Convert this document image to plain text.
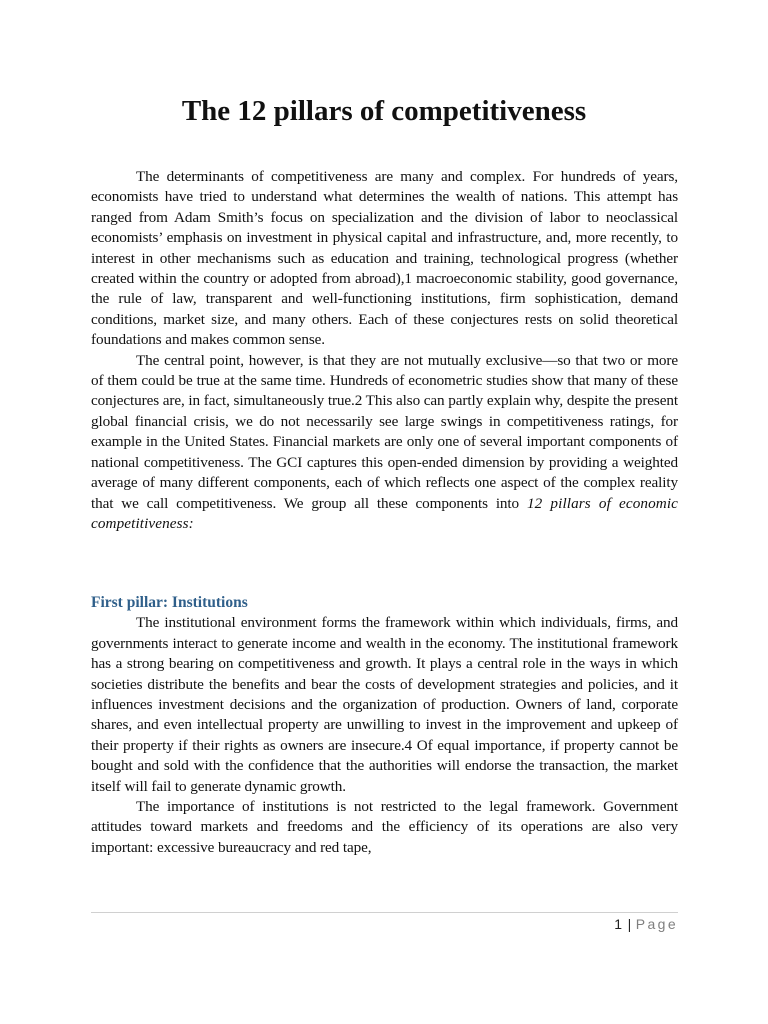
The 12 pillars of competitiveness

The determinants of competitiveness are many and complex. For hundreds of years, economists have tried to understand what determines the wealth of nations. This attempt has ranged from Adam Smith’s focus on specialization and the division of labor to neoclassical economists’ emphasis on investment in physical capital and infrastructure, and, more recently, to interest in other mechanisms such as education and training, technological progress (whether created within the country or adopted from abroad),1 macroeconomic stability, good governance, the rule of law, transparent and well-functioning institutions, firm sophistication, demand conditions, market size, and many others. Each of these conjectures rests on solid theoretical foundations and makes common sense.

The central point, however, is that they are not mutually exclusive—so that two or more of them could be true at the same time. Hundreds of econometric studies show that many of these conjectures are, in fact, simultaneously true.2 This also can partly explain why, despite the present global financial crisis, we do not necessarily see large swings in competitiveness ratings, for example in the United States. Financial markets are only one of several important components of national competitiveness. The GCI captures this open-ended dimension by providing a weighted average of many different components, each of which reflects one aspect of the complex reality that we call competitiveness. We group all these components into 12 pillars of economic competitiveness:

First pillar: Institutions

The institutional environment forms the framework within which individuals, firms, and governments interact to generate income and wealth in the economy. The institutional framework has a strong bearing on competitiveness and growth. It plays a central role in the ways in which societies distribute the benefits and bear the costs of development strategies and policies, and it influences investment decisions and the organization of production. Owners of land, corporate shares, and even intellectual property are unwilling to invest in the improvement and upkeep of their property if their rights as owners are insecure.4 Of equal importance, if property cannot be bought and sold with the confidence that the authorities will endorse the transaction, the market itself will fail to generate dynamic growth.

The importance of institutions is not restricted to the legal framework. Government attitudes toward markets and freedoms and the efficiency of its operations are also very important: excessive bureaucracy and red tape,

1 | Page
